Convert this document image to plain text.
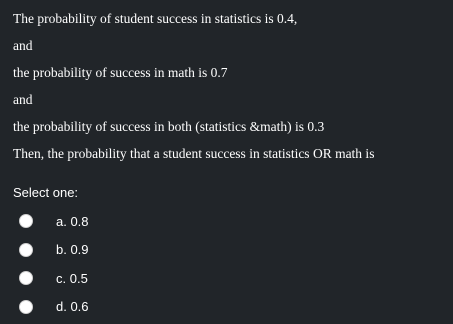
The probability of student success in statistics is 0.4,

and

the probability of success in math is 0.7

and

the probability of success in both (statistics &math) is 0.3

Then, the probability that a student success in statistics OR math is

Select one:
a. 0.8
b. 0.9
c. 0.5
d. 0.6
